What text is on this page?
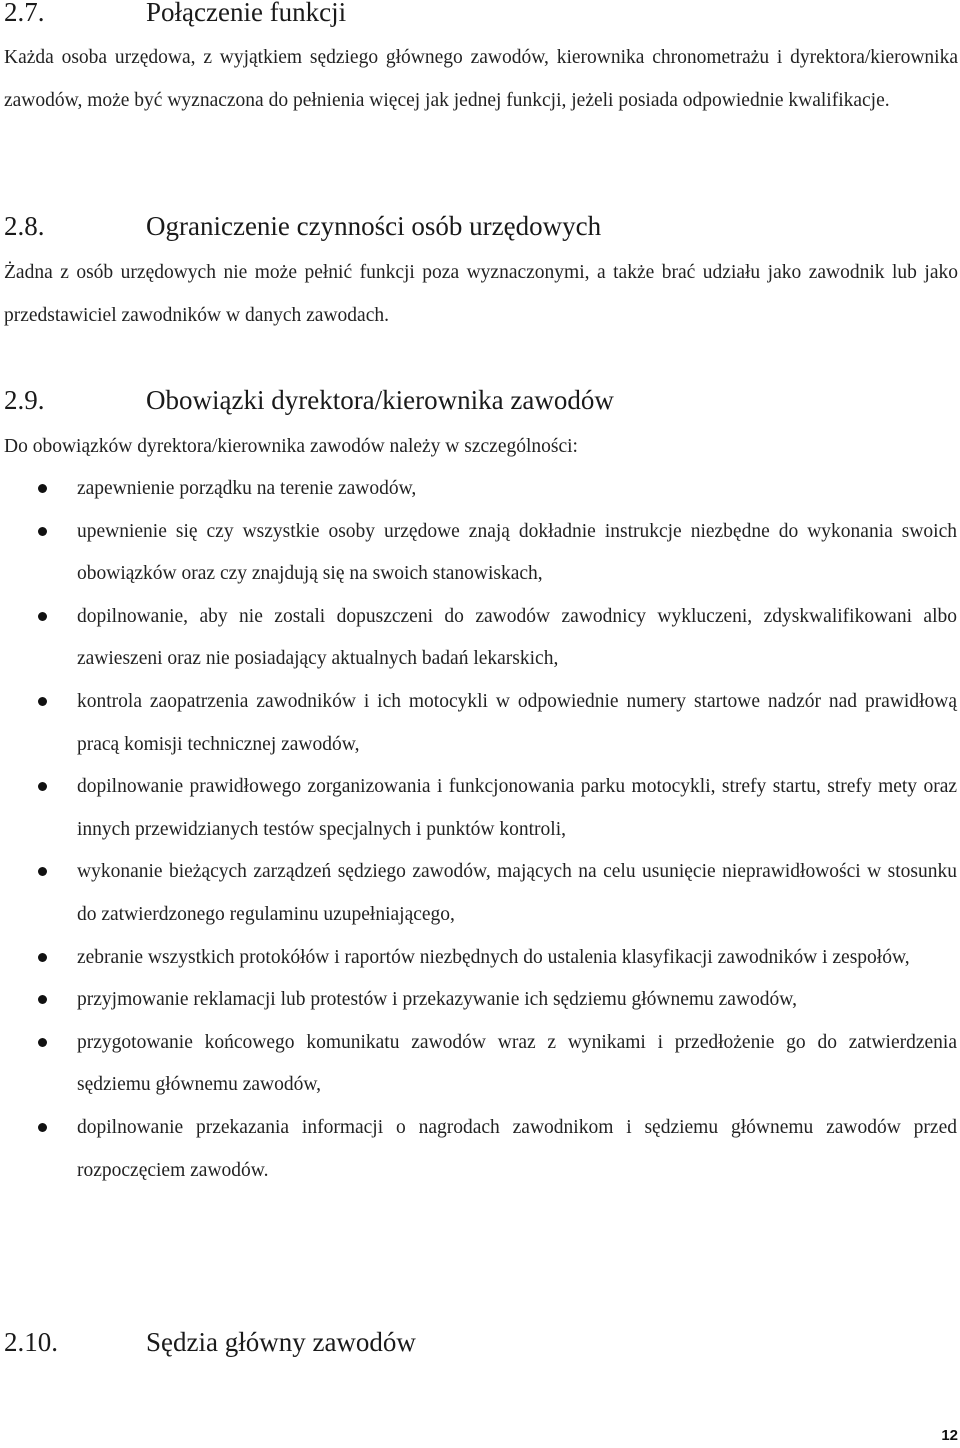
2.7.	Połączenie funkcji
Każda osoba urzędowa, z wyjątkiem sędziego głównego zawodów, kierownika chronometrażu i dyrektora/kierownika zawodów, może być wyznaczona do pełnienia więcej jak jednej funkcji, jeżeli posiada odpowiednie kwalifikacje.
2.8.	Ograniczenie czynności osób urzędowych
Żadna z osób urzędowych nie może pełnić funkcji poza wyznaczonymi, a także brać udziału jako zawodnik lub jako przedstawiciel zawodników w danych zawodach.
2.9.	Obowiązki dyrektora/kierownika zawodów
Do obowiązków dyrektora/kierownika zawodów należy w szczególności:
zapewnienie porządku na terenie zawodów,
upewnienie się czy wszystkie osoby urzędowe znają dokładnie instrukcje niezbędne do wykonania swoich obowiązków oraz czy znajdują się na swoich stanowiskach,
dopilnowanie, aby nie zostali dopuszczeni do zawodów zawodnicy wykluczeni, zdyskwalifikowani albo zawieszeni oraz nie posiadający aktualnych badań lekarskich,
kontrola zaopatrzenia zawodników i ich motocykli w odpowiednie numery startowe nadzór nad prawidłową pracą komisji technicznej zawodów,
dopilnowanie prawidłowego zorganizowania i funkcjonowania parku motocykli, strefy startu, strefy mety oraz innych przewidzianych testów specjalnych i punktów kontroli,
wykonanie bieżących zarządzeń sędziego zawodów, mających na celu usunięcie nieprawidłowości w stosunku do zatwierdzonego regulaminu uzupełniającego,
zebranie wszystkich protokółów i raportów niezbędnych do ustalenia klasyfikacji zawodników i zespołów,
przyjmowanie reklamacji lub protestów i przekazywanie ich sędziemu głównemu zawodów,
przygotowanie końcowego komunikatu zawodów wraz z wynikami i przedłożenie go do zatwierdzenia sędziemu głównemu zawodów,
dopilnowanie przekazania informacji o nagrodach zawodnikom i sędziemu głównemu zawodów przed rozpoczęciem zawodów.
2.10.	Sędzia główny zawodów
12
